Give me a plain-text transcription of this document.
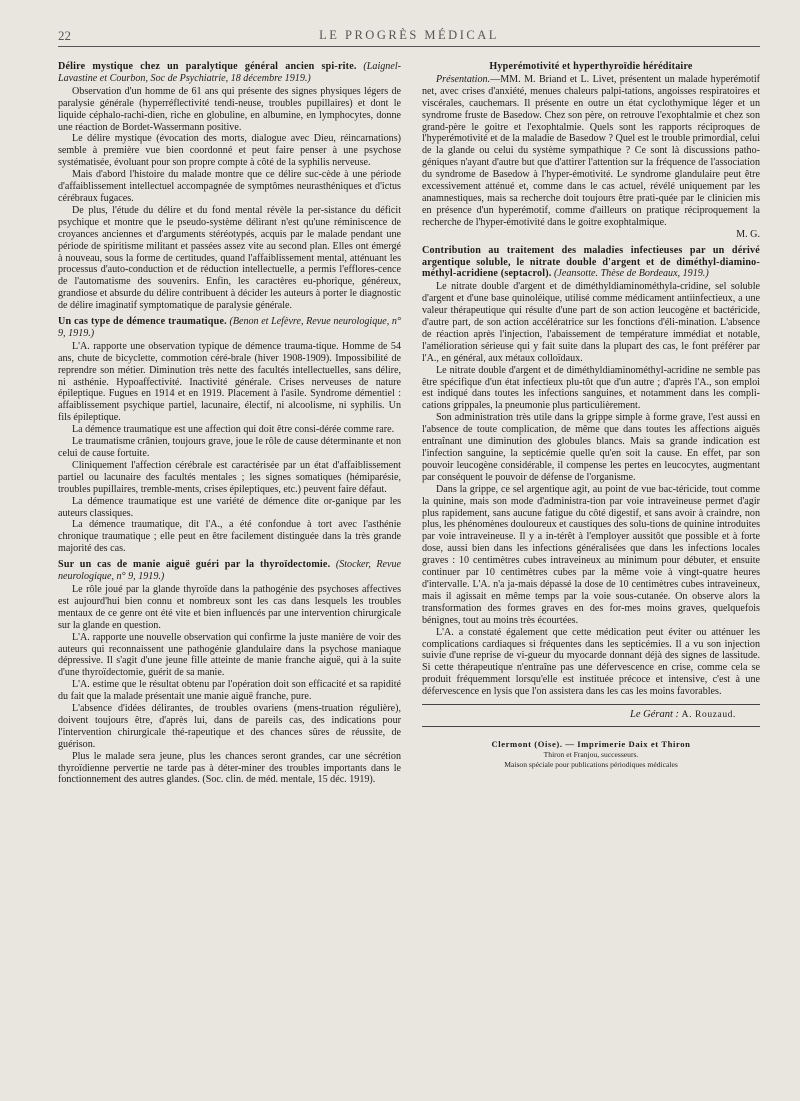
22	LE PROGRÈS MÉDICAL
Délire mystique chez un paralytique général ancien spi-rite. (Laignel-Lavastine et Courbon, Soc de Psychiatrie, 18 décembre 1919.)

Observation d'un homme de 61 ans qui présente des signes physiques légers de paralysie générale (hyperréflectivité tendi-neuse, troubles pupillaires) et dont le liquide céphalo-rachi-dien, riche en globuline, en albumine, en lymphocytes, donne une réaction de Bordet-Wassermann positive.

Le délire mystique (évocation des morts, dialogue avec Dieu, réincarnations) semble à première vue bien coordonné et peut faire penser à une psychose systématisée, évoluant pour son propre compte à côté de la syphilis nerveuse.

Mais d'abord l'histoire du malade montre que ce délire suc-cède à une période d'affaiblissement intellectuel accompagnée de symptômes neurasthéniques et d'ictus cérébraux fugaces.

De plus, l'étude du délire et du fond mental révèle la per-sistance du déficit psychique et montre que le pseudo-système délirant n'est qu'une réminiscence de croyances anciennes et d'arguments stéréotypés, acquis par le malade pendant une période de spiritisme militant et passées assez vite au second plan. Elles ont émergé à nouveau, sous la forme de certitudes, quand l'affaiblissement mental, atténuant les processus d'auto-conduction et de réduction intellectuelle, a permis l'efflores-cence de l'automatisme des souvenirs. Enfin, les caractères eu-phorique, généreux, grandiose et absurde du délire contribuent à décider les auteurs à porter le diagnostic de délire imaginatif symptomatique de paralysie générale.

Un cas type de démence traumatique. (Benon et Lefèvre, Revue neurologique, n° 9, 1919.)

L'A. rapporte une observation typique de démence trauma-tique. Homme de 54 ans, chute de bicyclette, commotion céré-brale (hiver 1908-1909). Impossibilité de reprendre son métier. Diminution très nette des facultés intellectuelles, sans délire, ni asthénie. Hypoaffectivité. Inactivité générale. Crises nerveuses de nature épileptique. Fugues en 1914 et en 1919. Placement à l'asile. Syndrome démentiel : affaiblissement psychique partiel, lacunaire, électif, ni alcoolisme, ni syphilis. Un fils épileptique.

La démence traumatique est une affection qui doit être consi-dérée comme rare.

Le traumatisme crânien, toujours grave, joue le rôle de cause déterminante et non celui de cause fortuite.

Cliniquement l'affection cérébrale est caractérisée par un état d'affaiblissement partiel ou lacunaire des facultés mentales ; les signes somatiques (hémiparésie, troubles pupillaires, tremble-ments, crises épileptiques, etc.) peuvent faire défaut.

La démence traumatique est une variété de démence dite or-ganique par les auteurs classiques.

La démence traumatique, dit l'A., a été confondue à tort avec l'asthénie chronique traumatique ; elle peut en être facilement distinguée dans la très grande majorité des cas.

Sur un cas de manie aiguë guéri par la thyroïdectomie. (Stocker, Revue neurologique, n° 9, 1919.)

Le rôle joué par la glande thyroïde dans la pathogénie des psychoses affectives est aujourd'hui bien connu et nombreux sont les cas dans lesquels les troubles mentaux de ce genre ont été vite et bien influencés par une intervention chirurgicale sur la glande en question.

L'A. rapporte une nouvelle observation qui confirme la juste manière de voir des auteurs qui reconnaissent une pathogénie glandulaire dans la psychose maniaque dépressive. Il s'agit d'une jeune fille atteinte de manie franche aiguë, qui à la suite d'une thyroïdectomie, guérit de sa manie.

L'A. estime que le résultat obtenu par l'opération doit son efficacité et sa rapidité du fait que la malade présentait une manie aiguë franche, pure.

L'absence d'idées délirantes, de troubles ovariens (mens-truation régulière), doivent toujours être, d'après lui, dans de pareils cas, des indications pour l'intervention chirurgicale thé-rapeutique et des chances sûres de réussite, de guérison.

Plus le malade sera jeune, plus les chances seront grandes, car une sécrétion thyroïdienne pervertie ne tarde pas à déter-miner des troubles importants dans le fonctionnement des autres glandes. (Soc. clin. de méd. mentale, 15 déc. 1919).

Hyperémotivité et hyperthyroïdie héréditaire

Présentation.—MM. M. Briand et L. Livet, présentent un malade hyperémotif net, avec crises d'anxiété, menues chaleurs palpi-tations, angoisses respiratoires et viscérales, cauchemars. Il présente en outre un état cyclothymique léger et un syndrome fruste de Basedow. Chez son père, on retrouve l'exophtalmie et chez son grand-père le goitre et l'exophtalmie. Quels sont les rapports réciproques de l'hyperémotivité et de la maladie de Basedow ? Quel est le trouble primordial, celui de la glande ou celui du système sympathique ? Ce sont là discussions patho-géniques n'ayant d'autre but que d'attirer l'attention sur la fréquence de l'association du syndrome de Basedow à l'hyper-émotivité. Le syndrome glandulaire peut être excessivement atténué et, comme dans le cas actuel, révélé uniquement par les anamnestiques, mais sa recherche doit toujours être prati-quée par le clinicien mis en présence d'un hyperémotif, comme d'ailleurs on pratique réciproquement la recherche de l'hyper-émotivité dans le goitre exophtalmique.

M. G.

Contribution au traitement des maladies infectieuses par un dérivé argentique soluble, le nitrate double d'argent et de diméthyl-diamino-méthyl-acridiene (septacrol). (Jeansotte. Thèse de Bordeaux, 1919.)

Le nitrate double d'argent et de diméthyldiaminométhyla-cridine, sel soluble d'argent et d'une base quinoléique, utilisé comme médicament antiinfectieux, a une valeur thérapeutique qui résulte d'une part de son action leucogène et bactéricide, d'autre part, de son action accélératrice sur les fonctions d'éli-mination. L'absence de réaction après l'injection, l'abaissement de température immédiat et notable, l'amélioration sérieuse qui y fait suite dans la plupart des cas, le font préférer par l'A., en général, aux métaux colloïdaux.

Le nitrate double d'argent et de diméthyldiaminométhyl-acridine ne semble pas être spécifique d'un état infectieux plu-tôt que d'un autre ; d'après l'A., son emploi est indiqué dans toutes les infections sanguines, et notamment dans les compli-cations grippales, la pneumonie plus particulièrement.

Son administration très utile dans la grippe simple à forme grave, l'est aussi en l'absence de toute complication, de même que dans toutes les affections aiguës entraînant une diminution des globules blancs. Mais sa grande indication est l'infection sanguine, la septicémie quelle qu'en soit la cause. En effet, par son pouvoir leucogène considérable, il compense les pertes en leucocytes, augmentant par conséquent le pouvoir de défense de l'organisme.

Dans la grippe, ce sel argentique agit, au point de vue bac-téricide, tout comme la quinine, mais son mode d'administra-tion par voie intraveineuse permet d'agir plus rapidement, sans aucune fatigue du côté digestif, et sans avoir à craindre, non plus, les phénomènes douloureux et caustiques des solu-tions de quinine introduites par voie intraveineuse. Il y a in-térêt à l'employer aussitôt que possible et à forte dose, aussi bien dans les infections généralisées que dans les infections locales graves : 10 centimètres cubes intraveineux au minimum pour débuter, et ensuite continuer par 10 centimètres cubes par la même voie à vingt-quatre heures d'intervalle. L'A. n'a ja-mais dépassé la dose de 10 centimètres cubes intraveineux, mais il agissait en même temps par la voie sous-cutanée. On observe alors la transformation des formes graves en des for-mes moins graves, quelquefois bénignes, tout au moins très écourtées.

L'A. a constaté également que cette médication peut éviter ou atténuer les complications cardiaques si fréquentes dans les septicémies. Il a vu son injection suivie d'une reprise de vi-gueur du myocarde donnant déjà des signes de lassitude. Si cette thérapeutique n'entraîne pas une défervescence en crise, comme cela se produit fréquemment lorsqu'elle est instituée précoce et intensive, c'est à une défervescence en lysis que l'on assistera dans les cas les moins favorables.

Le Gérant : A. Rouzaud.
Clermont (Oise). — Imprimerie Daix et Thiron
Thiron et Franjou, successeurs.
Maison spéciale pour publications périodiques médicales
